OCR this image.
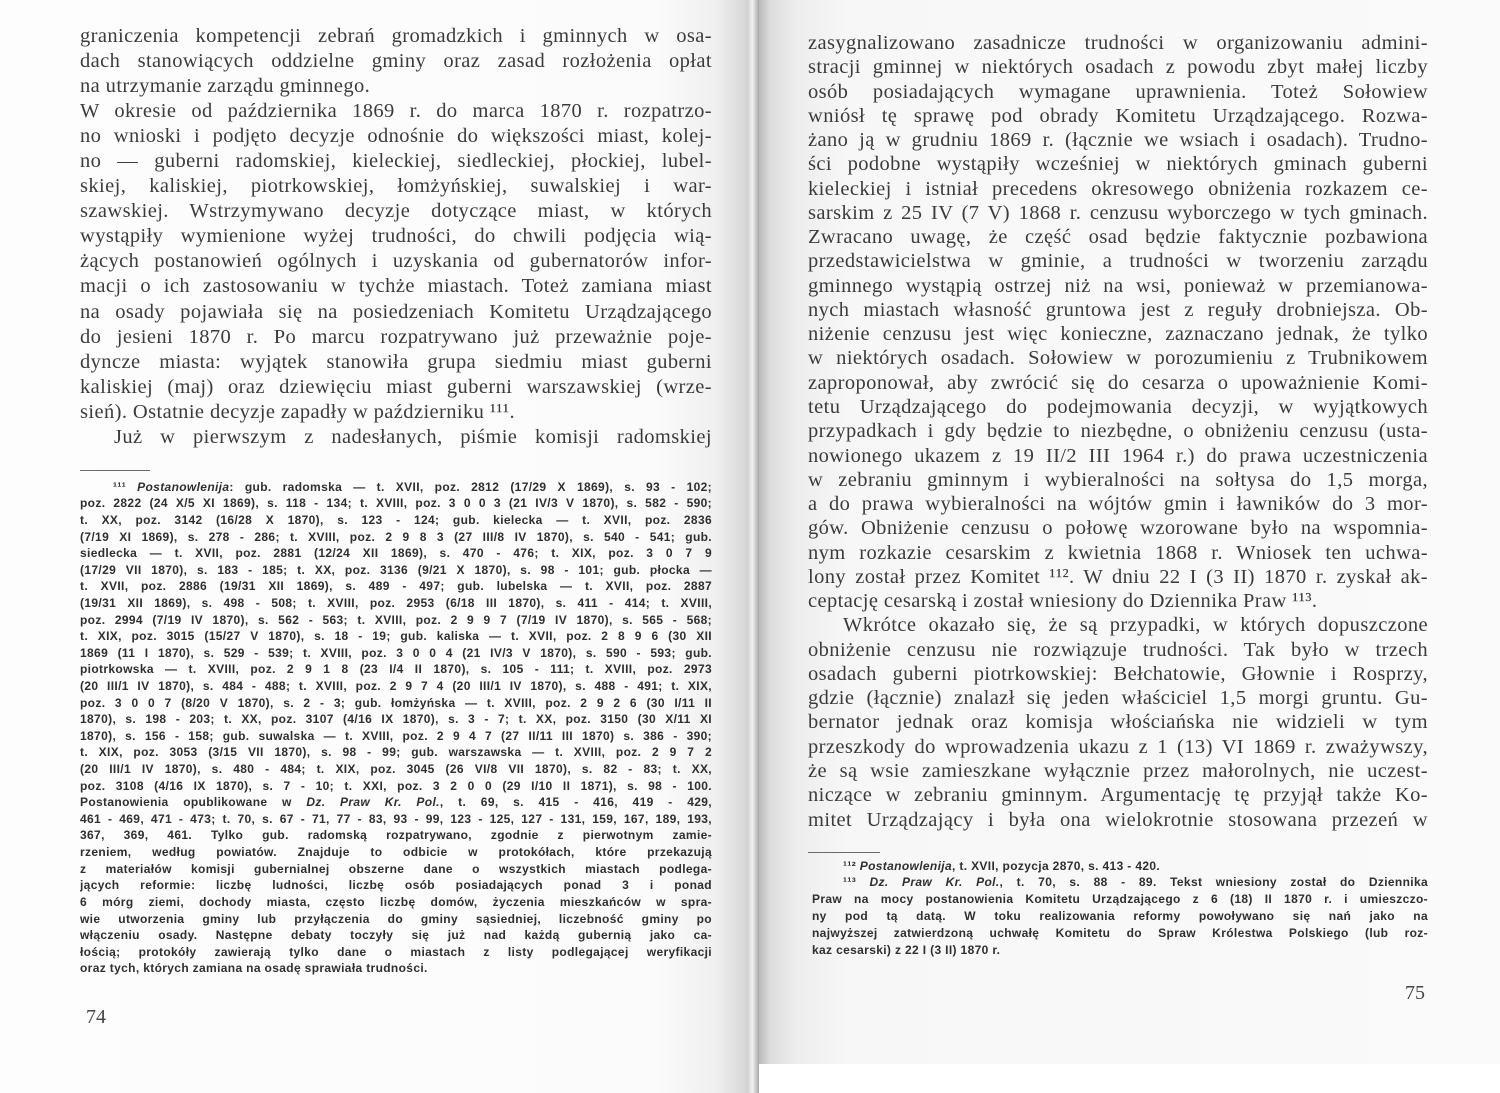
graniczenia kompetencji zebrań gromadzkich i gminnych w osa-
dach stanowiących oddzielne gminy oraz zasad rozłożenia opłat
na utrzymanie zarządu gminnego.
W okresie od października 1869 r. do marca 1870 r. rozpatrzo-
no wnioski i podjęto decyzje odnośnie do większości miast, kolej-
no — guberni radomskiej, kieleckiej, siedleckiej, płockiej, lubel-
skiej, kaliskiej, piotrkowskiej, łomżyńskiej, suwalskiej i war-
szawskiej. Wstrzymywano decyzje dotyczące miast, w których
wystąpiły wymienione wyżej trudności, do chwili podjęcia wią-
żących postanowień ogólnych i uzyskania od gubernatorów infor-
macji o ich zastosowaniu w tychże miastach. Toteż zamiana miast
na osady pojawiała się na posiedzeniach Komitetu Urządzającego
do jesieni 1870 r. Po marcu rozpatrywano już przeważnie poje-
dyncze miasta: wyjątek stanowiła grupa siedmiu miast guberni
kaliskiej (maj) oraz dziewięciu miast guberni warszawskiej (wrze-
sień). Ostatnie decyzje zapadły w październiku ¹¹¹.
Już w pierwszym z nadesłanych, piśmie komisji radomskiej
¹¹¹ Postanowlenija: gub. radomska — t. XVII, poz. 2812 (17/29 X 1869), s. 93 - 102;
poz. 2822 (24 X/5 XI 1869), s. 118 - 134; t. XVIII, poz. 3 0 0 3 (21 IV/3 V 1870), s. 582 - 590;
t. XX, poz. 3142 (16/28 X 1870), s. 123 - 124; gub. kielecka — t. XVII, poz. 2836
(7/19 XI 1869), s. 278 - 286; t. XVIII, poz. 2 9 8 3 (27 III/8 IV 1870), s. 540 - 541; gub.
siedlecka — t. XVII, poz. 2881 (12/24 XII 1869), s. 470 - 476; t. XIX, poz. 3 0 7 9
(17/29 VII 1870), s. 183 - 185; t. XX, poz. 3136 (9/21 X 1870), s. 98 - 101; gub. płocka —
t. XVII, poz. 2886 (19/31 XII 1869), s. 489 - 497; gub. lubelska — t. XVII, poz. 2887
(19/31 XII 1869), s. 498 - 508; t. XVIII, poz. 2953 (6/18 III 1870), s. 411 - 414; t. XVIII,
poz. 2994 (7/19 IV 1870), s. 562 - 563; t. XVIII, poz. 2 9 9 7 (7/19 IV 1870), s. 565 - 568;
t. XIX, poz. 3015 (15/27 V 1870), s. 18 - 19; gub. kaliska — t. XVII, poz. 2 8 9 6 (30 XII
1869 (11 I 1870), s. 529 - 539; t. XVIII, poz. 3 0 0 4 (21 IV/3 V 1870), s. 590 - 593; gub.
piotrkowska — t. XVIII, poz. 2 9 1 8 (23 I/4 II 1870), s. 105 - 111; t. XVIII, poz. 2973
(20 III/1 IV 1870), s. 484 - 488; t. XVIII, poz. 2 9 7 4 (20 III/1 IV 1870), s. 488 - 491; t. XIX,
poz. 3 0 0 7 (8/20 V 1870), s. 2 - 3; gub. łomżyńska — t. XVIII, poz. 2 9 2 6 (30 I/11 II
1870), s. 198 - 203; t. XX, poz. 3107 (4/16 IX 1870), s. 3 - 7; t. XX, poz. 3150 (30 X/11 XI
1870), s. 156 - 158; gub. suwalska — t. XVIII, poz. 2 9 4 7 (27 II/11 III 1870) s. 386 - 390;
t. XIX, poz. 3053 (3/15 VII 1870), s. 98 - 99; gub. warszawska — t. XVIII, poz. 2 9 7 2
(20 III/1 IV 1870), s. 480 - 484; t. XIX, poz. 3045 (26 VI/8 VII 1870), s. 82 - 83; t. XX,
poz. 3108 (4/16 IX 1870), s. 7 - 10; t. XXI, poz. 3 2 0 0 (29 I/10 II 1871), s. 98 - 100.
Postanowienia opublikowane w Dz. Praw Kr. Pol., t. 69, s. 415 - 416, 419 - 429,
461 - 469, 471 - 473; t. 70, s. 67 - 71, 77 - 83, 93 - 99, 123 - 125, 127 - 131, 159, 167, 189, 193,
367, 369, 461. Tylko gub. radomską rozpatrywano, zgodnie z pierwotnym zamie-
rzeniem, według powiatów. Znajduje to odbicie w protokółach, które przekazują
z materiałów komisji gubernialnej obszerne dane o wszystkich miastach podlega-
jących reformie: liczbę ludności, liczbę osób posiadających ponad 3 i ponad
6 mórg ziemi, dochody miasta, często liczbę domów, życzenia mieszkańców w spra-
wie utworzenia gminy lub przyłączenia do gminy sąsiedniej, liczebność gminy po
włączeniu osady. Następne debaty toczyły się już nad każdą gubernią jako ca-
łością; protokóły zawierają tylko dane o miastach z listy podlegającej weryfikacji
oraz tych, których zamiana na osadę sprawiała trudności.
74
zasygnalizowano zasadnicze trudności w organizowaniu admini-
stracji gminnej w niektórych osadach z powodu zbyt małej liczby
osób posiadających wymagane uprawnienia. Toteż Sołowiew
wniósł tę sprawę pod obrady Komitetu Urządzającego. Rozwa-
żano ją w grudniu 1869 r. (łącznie we wsiach i osadach). Trudno-
ści podobne wystąpiły wcześniej w niektórych gminach guberni
kieleckiej i istniał precedens okresowego obniżenia rozkazem ce-
sarskim z 25 IV (7 V) 1868 r. cenzusu wyborczego w tych gminach.
Zwracano uwagę, że część osad będzie faktycznie pozbawiona
przedstawicielstwa w gminie, a trudności w tworzeniu zarządu
gminnego wystąpią ostrzej niż na wsi, ponieważ w przemianowa-
nych miastach własność gruntowa jest z reguły drobniejsza. Ob-
niżenie cenzusu jest więc konieczne, zaznaczano jednak, że tylko
w niektórych osadach. Sołowiew w porozumieniu z Trubnikowem
zaproponował, aby zwrócić się do cesarza o upoważnienie Komi-
tetu Urządzającego do podejmowania decyzji, w wyjątkowych
przypadkach i gdy będzie to niezbędne, o obniżeniu cenzusu (usta-
nowionego ukazem z 19 II/2 III 1964 r.) do prawa uczestniczenia
w zebraniu gminnym i wybieralności na sołtysa do 1,5 morga,
a do prawa wybieralności na wójtów gmin i ławników do 3 mor-
gów. Obniżenie cenzusu o połowę wzorowane było na wspomnia-
nym rozkazie cesarskim z kwietnia 1868 r. Wniosek ten uchwa-
lony został przez Komitet ¹¹². W dniu 22 I (3 II) 1870 r. zyskał ak-
ceptację cesarską i został wniesiony do Dziennika Praw ¹¹³.
Wkrótce okazało się, że są przypadki, w których dopuszczone
obniżenie cenzusu nie rozwiązuje trudności. Tak było w trzech
osadach guberni piotrkowskiej: Bełchatowie, Głownie i Rosprzy,
gdzie (łącznie) znalazł się jeden właściciel 1,5 morgi gruntu. Gu-
bernator jednak oraz komisja włościańska nie widzieli w tym
przeszkody do wprowadzenia ukazu z 1 (13) VI 1869 r. zważywszy,
że są wsie zamieszkane wyłącznie przez małorolnych, nie uczest-
niczące w zebraniu gminnym. Argumentację tę przyjął także Ko-
mitet Urządzający i była ona wielokrotnie stosowana przezeń w
¹¹² Postanowlenija, t. XVII, pozycja 2870, s. 413 - 420.
¹¹³ Dz. Praw Kr. Pol., t. 70, s. 88 - 89. Tekst wniesiony został do Dziennika
Praw na mocy postanowienia Komitetu Urządzającego z 6 (18) II 1870 r. i umieszczo-
ny pod tą datą. W toku realizowania reformy powoływano się nań jako na
najwyższej zatwierdzoną uchwałę Komitetu do Spraw Królestwa Polskiego (lub roz-
kaz cesarski) z 22 I (3 II) 1870 r.
75
